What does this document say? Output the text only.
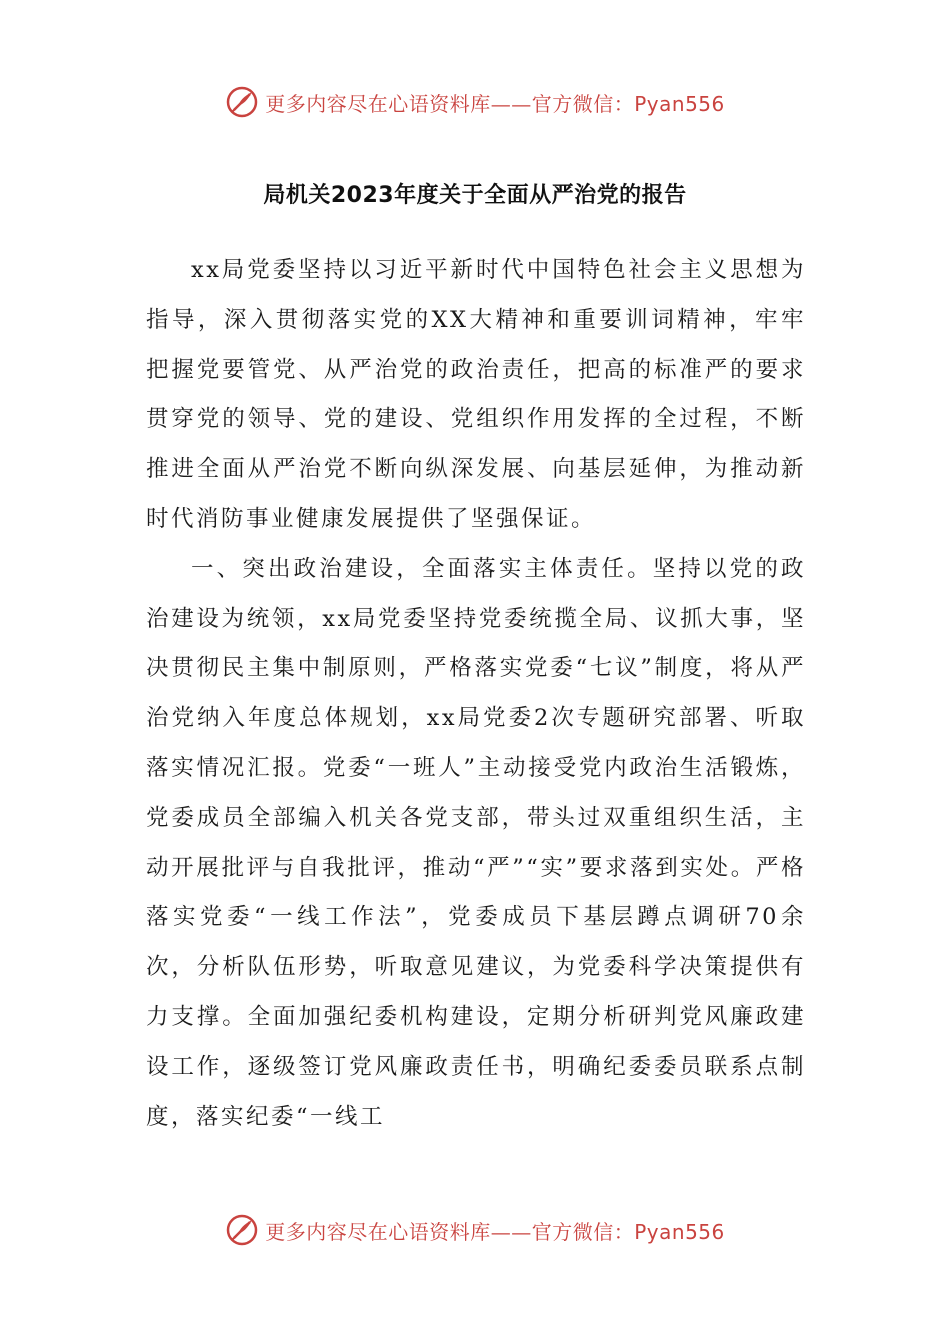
更多内容尽在心语资料库——官方微信：Pyan556
局机关2023年度关于全面从严治党的报告

xx局党委坚持以习近平新时代中国特色社会主义思想为指导，深入贯彻落实党的XX大精神和重要训词精神，牢牢把握党要管党、从严治党的政治责任，把高的标准严的要求贯穿党的领导、党的建设、党组织作用发挥的全过程，不断推进全面从严治党不断向纵深发展、向基层延伸，为推动新时代消防事业健康发展提供了坚强保证。

一、突出政治建设，全面落实主体责任。坚持以党的政治建设为统领，xx局党委坚持党委统揽全局、议抓大事，坚决贯彻民主集中制原则，严格落实党委“七议”制度，将从严治党纳入年度总体规划，xx局党委2次专题研究部署、听取落实情况汇报。党委“一班人”主动接受党内政治生活锻炼，党委成员全部编入机关各党支部，带头过双重组织生活，主动开展批评与自我批评，推动“严”“实”要求落到实处。严格落实党委“一线工作法”，党委成员下基层蹲点调研70余次，分析队伍形势，听取意见建议，为党委科学决策提供有力支撑。全面加强纪委机构建设，定期分析研判党风廉政建设工作，逐级签订党风廉政责任书，明确纪委委员联系点制度，落实纪委“一线工

更多内容尽在心语资料库——官方微信：Pyan556
